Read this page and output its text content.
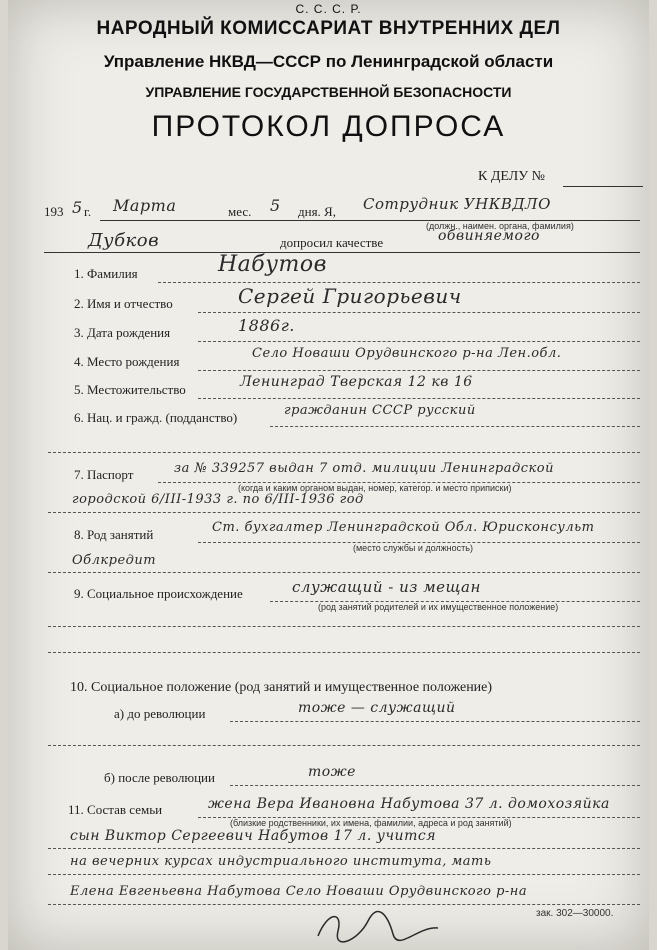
С. С. С. Р.
НАРОДНЫЙ КОМИССАРИАТ ВНУТРЕННИХ ДЕЛ
Управление НКВД—СССР по Ленинградской области
УПРАВЛЕНИЕ ГОСУДАРСТВЕННОЙ БЕЗОПАСНОСТИ
ПРОТОКОЛ ДОПРОСА
К ДЕЛУ №
193 5 г. Марта	мес. 5 дня. Я, Сотрудник УНКВДЛО
(должн., наимен. органа, фамилия)
Дубков	допросил качестве	обвиняемого
1. Фамилия	Набутов
2. Имя и отчество	Сергей Григорьевич
3. Дата рождения	1886г.
4. Место рождения
Село Новаши Орудвинского р-на Лен.обл.
5. Местожительство	Ленинград Тверская 12 кв 16
6. Нац. и гражд. (подданство)	гражданин СССР русский
7. Паспорт	за № 339257 выдан 7 отд. милиции Ленинградской
(когда и каким органом выдан, номер, категор. и место приписки)
городской 6/III-1933 г. по 6/III-1936 год
8. Род занятий	Ст. бухгалтер Ленинградской Обл. Юрисконсульт
(место службы и должность)
Облкредит
9. Социальное происхождение	служащий - из мещан
(род занятий родителей и их имущественное положение)
10. Социальное положение (род занятий и имущественное положение)
а) до революции	тоже — служащий
б) после революции	тоже
11. Состав семьи	жена Вера Ивановна Набутова 37 л. домохозяйка
(близкие родственники, их имена, фамилии, адреса и род занятий)
сын Виктор Сергеевич Набутов 17 л. учится
на вечерних курсах индустриального института, мать
Елена Евгеньевна Набутова Село Новаши Орудвинского р-на
зак. 302—30000.
